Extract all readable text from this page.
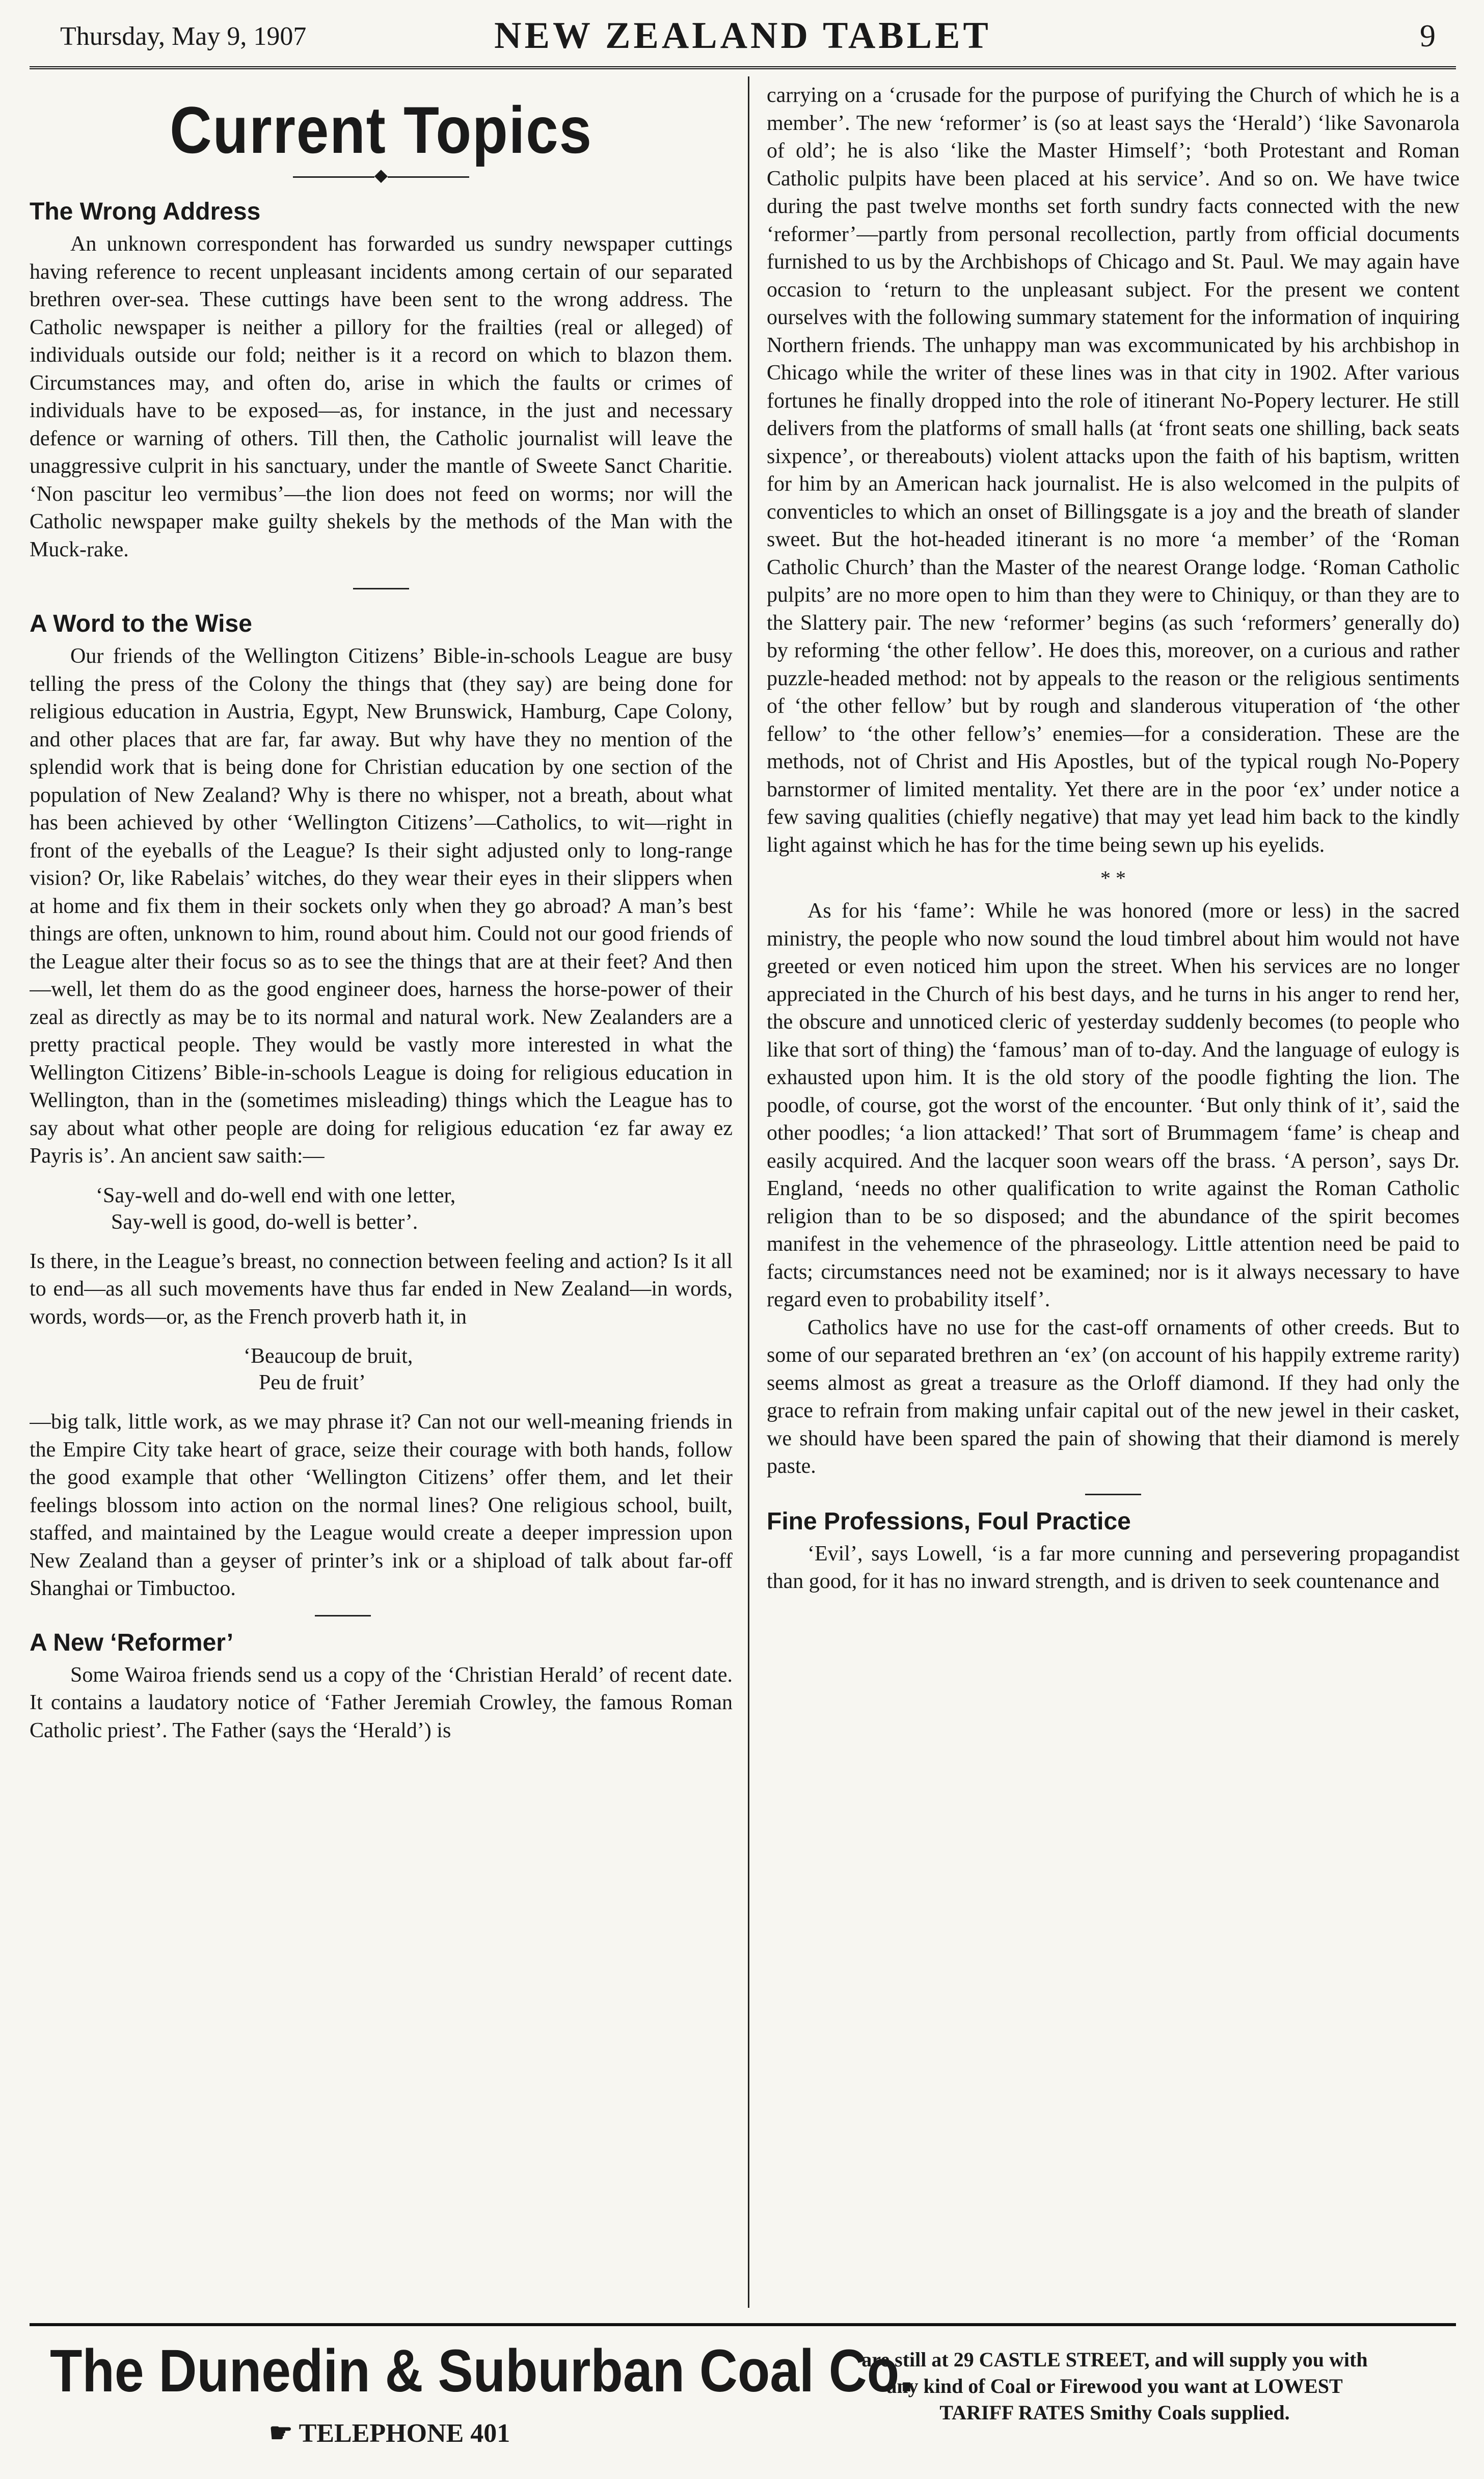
Thursday, May 9, 1907	NEW ZEALAND TABLET	9
Current Topics
◆
The Wrong Address

An unknown correspondent has forwarded us sundry newspaper cuttings having reference to recent unpleasant incidents among certain of our separated brethren over-sea. These cuttings have been sent to the wrong address. The Catholic newspaper is neither a pillory for the frailties (real or alleged) of individuals outside our fold; neither is it a record on which to blazon them. Circumstances may, and often do, arise in which the faults or crimes of individuals have to be exposed—as, for instance, in the just and necessary defence or warning of others. Till then, the Catholic journalist will leave the unaggressive culprit in his sanctuary, under the mantle of Sweete Sanct Charitie. ‘Non pascitur leo vermibus’—the lion does not feed on worms; nor will the Catholic newspaper make guilty shekels by the methods of the Man with the Muck-rake.

A Word to the Wise

Our friends of the Wellington Citizens’ Bible-in-schools League are busy telling the press of the Colony the things that (they say) are being done for religious education in Austria, Egypt, New Brunswick, Hamburg, Cape Colony, and other places that are far, far away. But why have they no mention of the splendid work that is being done for Christian education by one section of the population of New Zealand? Why is there no whisper, not a breath, about what has been achieved by other ‘Wellington Citizens’—Catholics, to wit—right in front of the eyeballs of the League? Is their sight adjusted only to long-range vision? Or, like Rabelais’ witches, do they wear their eyes in their slippers when at home and fix them in their sockets only when they go abroad? A man’s best things are often, unknown to him, round about him. Could not our good friends of the League alter their focus so as to see the things that are at their feet? And then—well, let them do as the good engineer does, harness the horse-power of their zeal as directly as may be to its normal and natural work. New Zealanders are a pretty practical people. They would be vastly more interested in what the Wellington Citizens’ Bible-in-schools League is doing for religious education in Wellington, than in the (sometimes misleading) things which the League has to say about what other people are doing for religious education ‘ez far away ez Payris is’. An ancient saw saith:—

‘Say-well and do-well end with one letter,
Say-well is good, do-well is better’.

Is there, in the League’s breast, no connection between feeling and action? Is it all to end—as all such movements have thus far ended in New Zealand—in words, words, words—or, as the French proverb hath it, in

‘Beaucoup de bruit,
Peu de fruit’

—big talk, little work, as we may phrase it? Can not our well-meaning friends in the Empire City take heart of grace, seize their courage with both hands, follow the good example that other ‘Wellington Citizens’ offer them, and let their feelings blossom into action on the normal lines? One religious school, built, staffed, and maintained by the League would create a deeper impression upon New Zealand than a geyser of printer’s ink or a shipload of talk about far-off Shanghai or Timbuctoo.

A New ‘Reformer’

Some Wairoa friends send us a copy of the ‘Christian Herald’ of recent date. It contains a laudatory notice of ‘Father Jeremiah Crowley, the famous Roman Catholic priest’. The Father (says the ‘Herald’) is

carrying on a ‘crusade for the purpose of purifying the Church of which he is a member’. The new ‘reformer’ is (so at least says the ‘Herald’) ‘like Savonarola of old’; he is also ‘like the Master Himself’; ‘both Protestant and Roman Catholic pulpits have been placed at his service’. And so on. We have twice during the past twelve months set forth sundry facts connected with the new ‘reformer’—partly from personal recollection, partly from official documents furnished to us by the Archbishops of Chicago and St. Paul. We may again have occasion to ‘return to the unpleasant subject. For the present we content ourselves with the following summary statement for the information of inquiring Northern friends. The unhappy man was excommunicated by his archbishop in Chicago while the writer of these lines was in that city in 1902. After various fortunes he finally dropped into the role of itinerant No-Popery lecturer. He still delivers from the platforms of small halls (at ‘front seats one shilling, back seats sixpence’, or thereabouts) violent attacks upon the faith of his baptism, written for him by an American hack journalist. He is also welcomed in the pulpits of conventicles to which an onset of Billingsgate is a joy and the breath of slander sweet. But the hot-headed itinerant is no more ‘a member’ of the ‘Roman Catholic Church’ than the Master of the nearest Orange lodge. ‘Roman Catholic pulpits’ are no more open to him than they were to Chiniquy, or than they are to the Slattery pair. The new ‘reformer’ begins (as such ‘reformers’ generally do) by reforming ‘the other fellow’. He does this, moreover, on a curious and rather puzzle-headed method: not by appeals to the reason or the religious sentiments of ‘the other fellow’ but by rough and slanderous vituperation of ‘the other fellow’ to ‘the other fellow’s’ enemies—for a consideration. These are the methods, not of Christ and His Apostles, but of the typical rough No-Popery barnstormer of limited mentality. Yet there are in the poor ‘ex’ under notice a few saving qualities (chiefly negative) that may yet lead him back to the kindly light against which he has for the time being sewn up his eyelids.

* *

As for his ‘fame’: While he was honored (more or less) in the sacred ministry, the people who now sound the loud timbrel about him would not have greeted or even noticed him upon the street. When his services are no longer appreciated in the Church of his best days, and he turns in his anger to rend her, the obscure and unnoticed cleric of yesterday suddenly becomes (to people who like that sort of thing) the ‘famous’ man of to-day. And the language of eulogy is exhausted upon him. It is the old story of the poodle fighting the lion. The poodle, of course, got the worst of the encounter. ‘But only think of it’, said the other poodles; ‘a lion attacked!’ That sort of Brummagem ‘fame’ is cheap and easily acquired. And the lacquer soon wears off the brass. ‘A person’, says Dr. England, ‘needs no other qualification to write against the Roman Catholic religion than to be so disposed; and the abundance of the spirit becomes manifest in the vehemence of the phraseology. Little attention need be paid to facts; circumstances need not be examined; nor is it always necessary to have regard even to probability itself’.

Catholics have no use for the cast-off ornaments of other creeds. But to some of our separated brethren an ‘ex’ (on account of his happily extreme rarity) seems almost as great a treasure as the Orloff diamond. If they had only the grace to refrain from making unfair capital out of the new jewel in their casket, we should have been spared the pain of showing that their diamond is merely paste.

Fine Professions, Foul Practice

‘Evil’, says Lowell, ‘is a far more cunning and persevering propagandist than good, for it has no inward strength, and is driven to seek countenance and

The Dunedin & Suburban Coal Co.
☛ TELEPHONE 401
are still at 29 CASTLE STREET, and will supply you with
any kind of Coal or Firewood you want at LOWEST
TARIFF RATES Smithy Coals supplied.
